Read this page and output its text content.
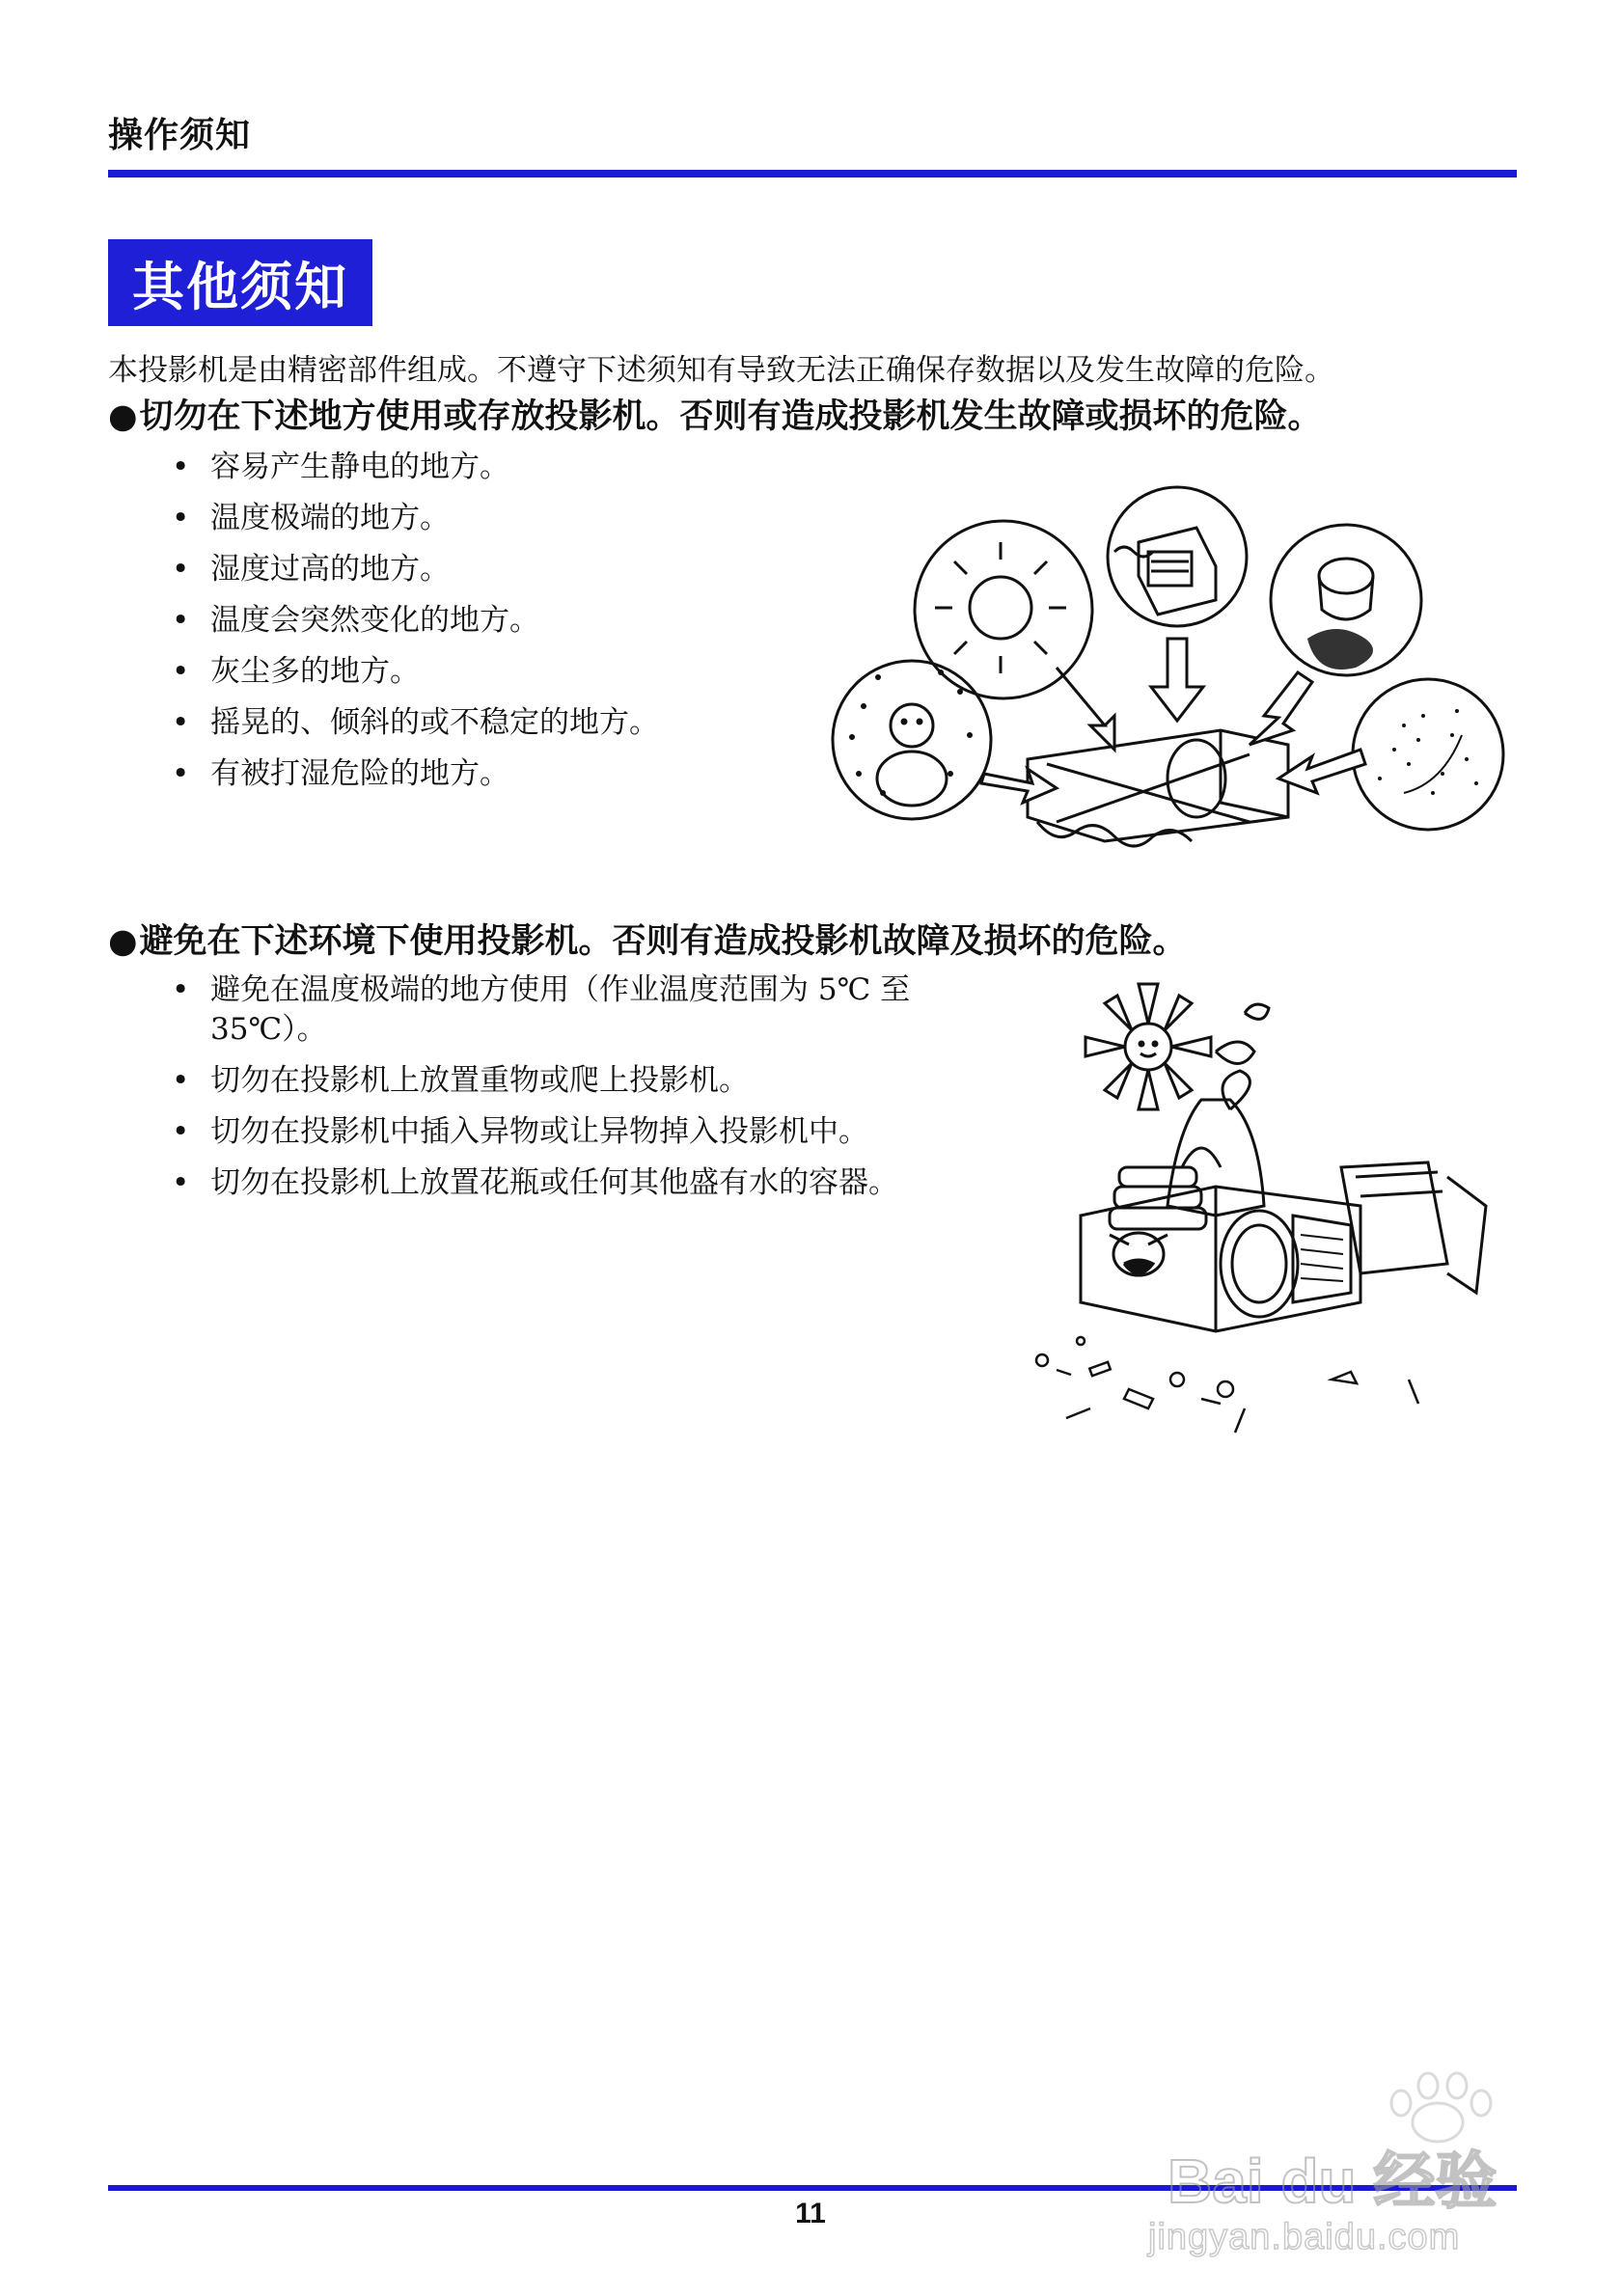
操作须知
其他须知
本投影机是由精密部件组成。不遵守下述须知有导致无法正确保存数据以及发生故障的危险。
●切勿在下述地方使用或存放投影机。否则有造成投影机发生故障或损坏的危险。
• 容易产生静电的地方。
• 温度极端的地方。
• 湿度过高的地方。
• 温度会突然变化的地方。
• 灰尘多的地方。
• 摇晃的、倾斜的或不稳定的地方。
• 有被打湿危险的地方。
●避免在下述环境下使用投影机。否则有造成投影机故障及损坏的危险。
• 避免在温度极端的地方使用（作业温度范围为 5℃ 至35℃）。
• 切勿在投影机上放置重物或爬上投影机。
• 切勿在投影机中插入异物或让异物掉入投影机中。
• 切勿在投影机上放置花瓶或任何其他盛有水的容器。
11	Bai du 经验
jingyan.baidu.com
